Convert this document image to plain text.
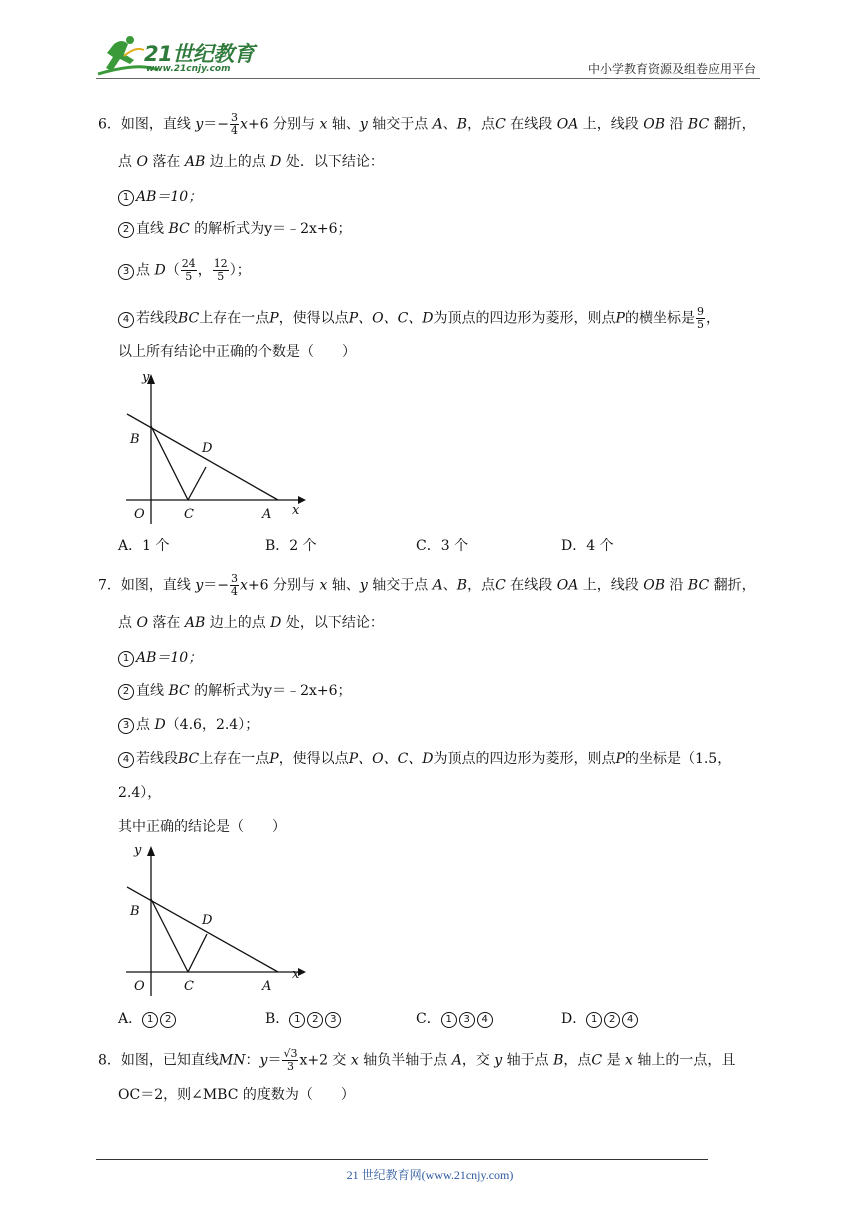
21世纪教育
www.21cnjy.com	中小学教育资源及组卷应用平台
6．如图，直线 $y=- \frac{3}{4} x+6$ 分别与 x 轴、y 轴交于点 A、B，点C 在线段 OA 上，线段 OB 沿 BC 翻折，
点 O 落在 AB 边上的点 D 处．以下结论：
1 AB＝10；
2 直线 BC 的解析式为y＝﹣2x+6；
3 点 $D( \frac{24}{5}$ ， $\frac{12}{5}$ ）；
4 若线段BC上存在一点P，使得以点P、O、C、D为顶点的四边形为菱形，则点P的横坐标是 $\frac{9}{5}$ ，
以上所有结论中正确的个数是（　　）
y
B
D
O	C	A x
A．1 个	B．2 个	C．3 个	D．4 个
7．如图，直线 $y=- \frac{3}{4} x+6$ 分别与 x 轴、y 轴交于点 A、B，点C 在线段 OA 上，线段 OB 沿 BC 翻折，
点 O 落在 AB 边上的点 D 处，以下结论：
1 AB＝10；
2 直线 BC 的解析式为y＝﹣2x+6；
3 点 D（4.6，2.4）；
4 若线段BC上存在一点P，使得以点P、O、C、D为顶点的四边形为菱形，则点P的坐标是（1.5，
2.4），
其中正确的结论是（　　）
y
B
D
O	C	A
x
A． 1 2	B． 1 2 3	C． 1 3 4	D． 1 2 4
8．如图，已知直线MN：$y= \frac{√3}{3} x+2$ 交 x 轴负半轴于点 A，交 y 轴于点 B，点C 是 x 轴上的一点，且
OC＝2，则∠MBC 的度数为（　　）
21 世纪教育网(www.21cnjy.com)
